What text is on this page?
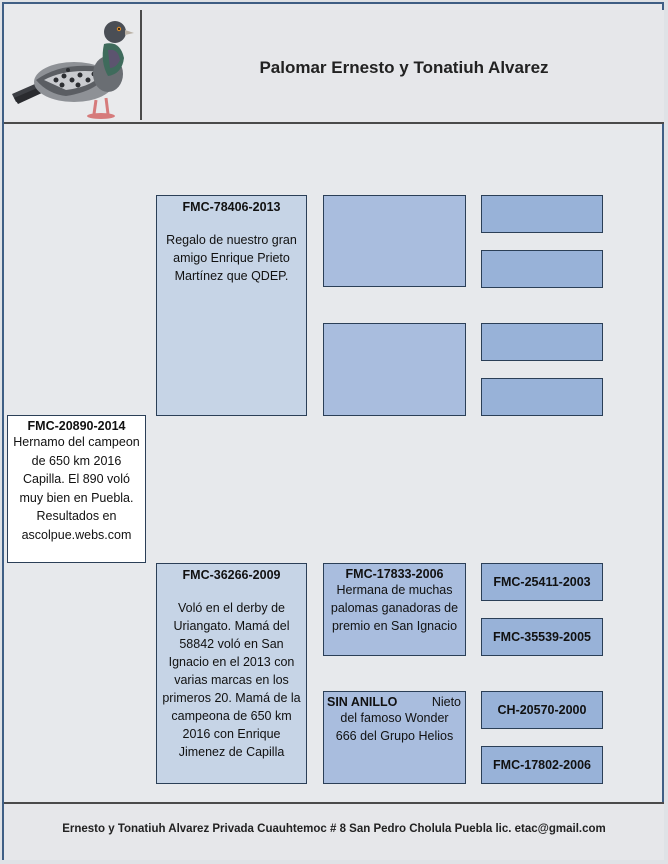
Palomar Ernesto y Tonatiuh Alvarez
FMC-20890-2014
Hernamo del campeon de 650 km 2016 Capilla. El 890 voló muy bien en Puebla. Resultados en ascolpue.webs.com
FMC-78406-2013
Regalo de nuestro gran amigo Enrique Prieto Martínez que QDEP.
FMC-36266-2009
Voló en el derby de Uriangato. Mamá del 58842 voló en San Ignacio en el 2013 con varias marcas en los primeros 20. Mamá de la campeona de 650 km 2016 con Enrique Jimenez de Capilla
FMC-17833-2006
Hermana de muchas palomas ganadoras de premio en San Ignacio
SIN ANILLO	Nieto
del famoso Wonder 666 del Grupo Helios
FMC-25411-2003
FMC-35539-2005
CH-20570-2000
FMC-17802-2006
Ernesto y Tonatiuh Alvarez Privada Cuauhtemoc # 8 San Pedro Cholula Puebla lic. etac@gmail.com
